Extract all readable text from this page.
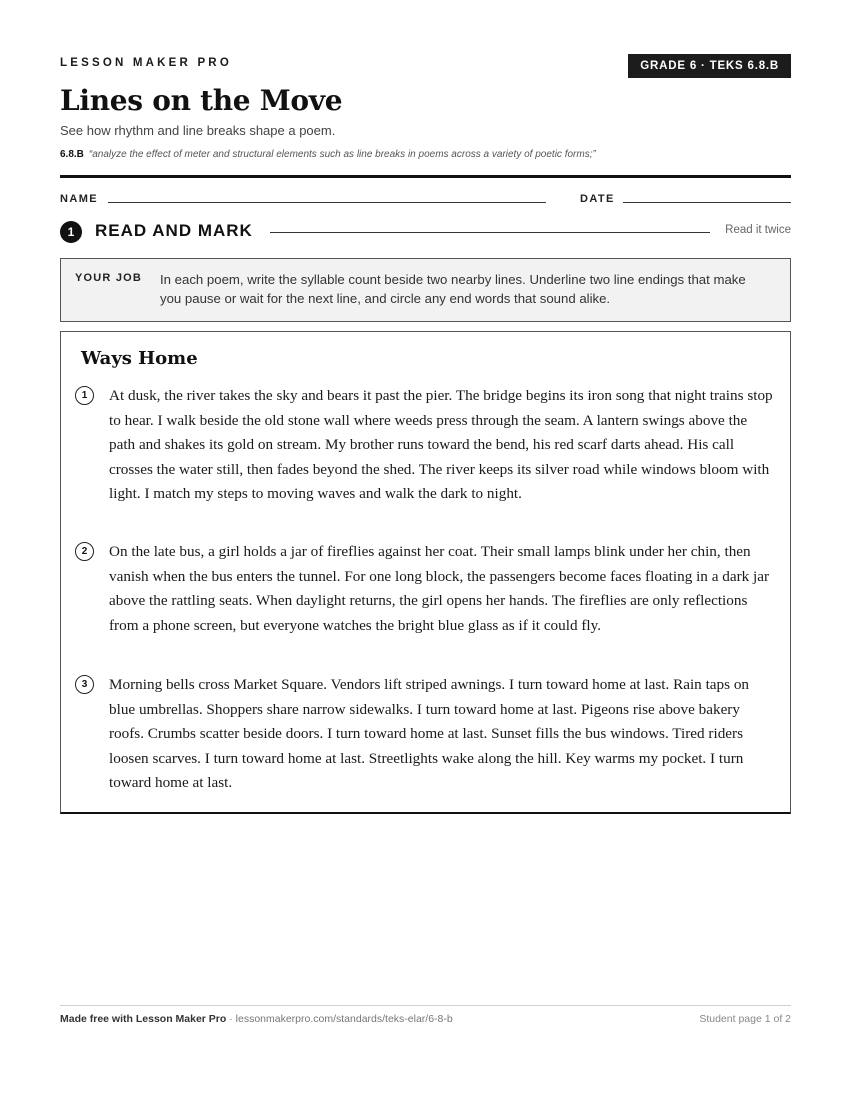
LESSON MAKER PRO	GRADE 6 · TEKS 6.8.B
Lines on the Move
See how rhythm and line breaks shape a poem.
6.8.B “analyze the effect of meter and structural elements such as line breaks in poems across a variety of poetic forms;”
NAME	DATE
1	READ AND MARK	Read it twice
YOUR JOB In each poem, write the syllable count beside two nearby lines. Underline two line endings that make you pause or wait for the next line, and circle any end words that sound alike.
Ways Home
1	At dusk, the river takes the sky and bears it past the pier. The bridge begins its iron song that night trains stop to hear. I walk beside the old stone wall where weeds press through the seam. A lantern swings above the path and shakes its gold on stream. My brother runs toward the bend, his red scarf darts ahead. His call crosses the water still, then fades beyond the shed. The river keeps its silver road while windows bloom with light. I match my steps to moving waves and walk the dark to night.
2	On the late bus, a girl holds a jar of fireflies against her coat. Their small lamps blink under her chin, then vanish when the bus enters the tunnel. For one long block, the passengers become faces floating in a dark jar above the rattling seats. When daylight returns, the girl opens her hands. The fireflies are only reflections from a phone screen, but everyone watches the bright blue glass as if it could fly.
3	Morning bells cross Market Square. Vendors lift striped awnings. I turn toward home at last. Rain taps on blue umbrellas. Shoppers share narrow sidewalks. I turn toward home at last. Pigeons rise above bakery roofs. Crumbs scatter beside doors. I turn toward home at last. Sunset fills the bus windows. Tired riders loosen scarves. I turn toward home at last. Streetlights wake along the hill. Key warms my pocket. I turn toward home at last.
Made free with Lesson Maker Pro · lessonmakerpro.com/standards/teks-elar/6-8-b	Student page 1 of 2
